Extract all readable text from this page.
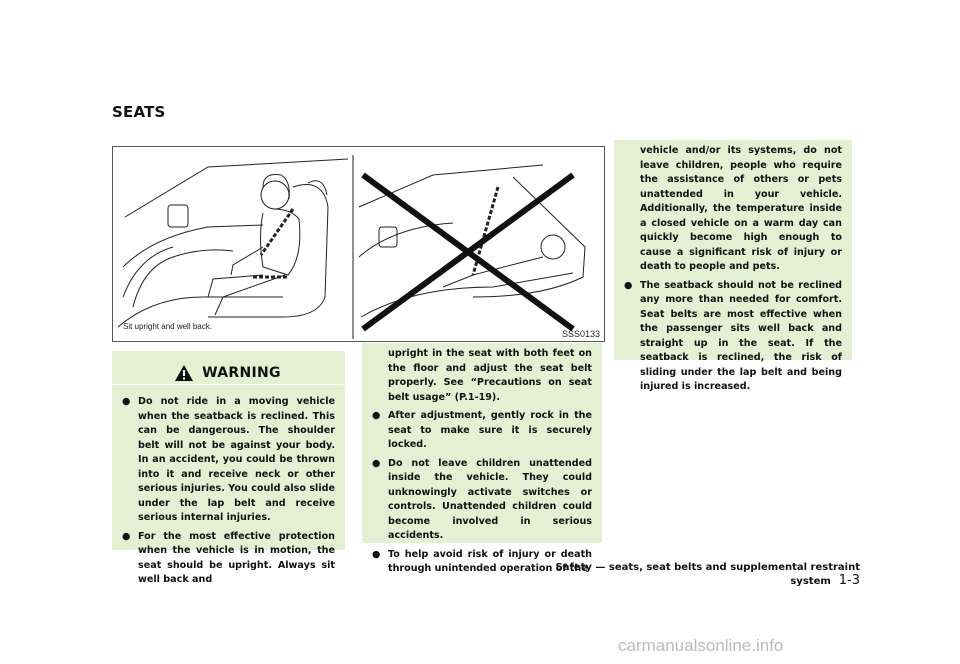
SEATS
Sit upright and well back.
SSS0133
WARNING
● Do not ride in a moving vehicle when the seatback is reclined. This can be dangerous. The shoulder belt will not be against your body. In an accident, you could be thrown into it and receive neck or other serious injuries. You could also slide under the lap belt and receive serious internal injuries.
● For the most effective protection when the vehicle is in motion, the seat should be upright. Always sit well back and

upright in the seat with both feet on the floor and adjust the seat belt properly. See “Precautions on seat belt usage” (P.1-19).

● After adjustment, gently rock in the seat to make sure it is securely locked.
● Do not leave children unattended inside the vehicle. They could unknowingly activate switches or controls. Unattended children could become involved in serious accidents.
● To help avoid risk of injury or death through unintended operation of the

vehicle and/or its systems, do not leave children, people who require the assistance of others or pets unattended in your vehicle. Additionally, the temperature inside a closed vehicle on a warm day can quickly become high enough to cause a significant risk of injury or death to people and pets.

● The seatback should not be reclined any more than needed for comfort. Seat belts are most effective when the passenger sits well back and straight up in the seat. If the seatback is reclined, the risk of sliding under the lap belt and being injured is increased.
Safety — seats, seat belts and supplemental restraint system 1-3
carmanualsonline.info
